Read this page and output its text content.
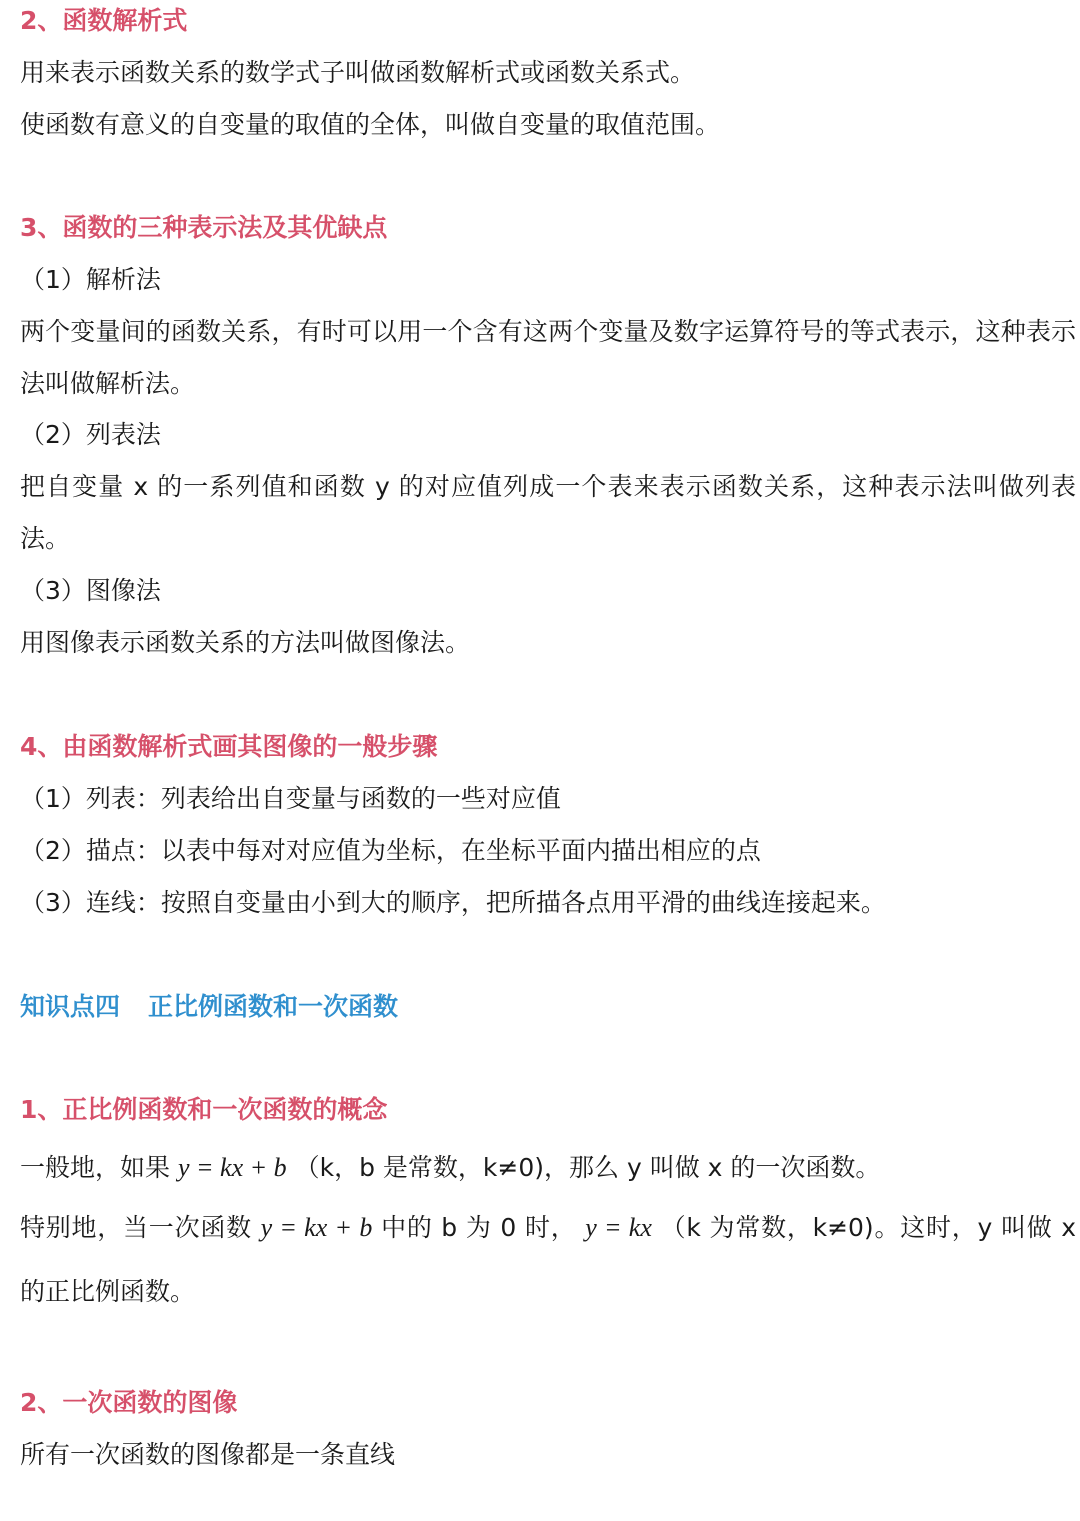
2、函数解析式
用来表示函数关系的数学式子叫做函数解析式或函数关系式。
使函数有意义的自变量的取值的全体，叫做自变量的取值范围。
3、函数的三种表示法及其优缺点
（1）解析法
两个变量间的函数关系，有时可以用一个含有这两个变量及数字运算符号的等式表示，这种表示法叫做解析法。
（2）列表法
把自变量 x 的一系列值和函数 y 的对应值列成一个表来表示函数关系，这种表示法叫做列表法。
（3）图像法
用图像表示函数关系的方法叫做图像法。
4、由函数解析式画其图像的一般步骤
（1）列表：列表给出自变量与函数的一些对应值
（2）描点：以表中每对对应值为坐标，在坐标平面内描出相应的点
（3）连线：按照自变量由小到大的顺序，把所描各点用平滑的曲线连接起来。
知识点四 正比例函数和一次函数
1、正比例函数和一次函数的概念
一般地，如果 y = kx + b （k，b 是常数，k≠0)，那么 y 叫做 x 的一次函数。
特别地，当一次函数 y = kx + b 中的 b 为 0 时， y = kx （k 为常数，k≠0)。这时，y 叫做 x 的正比例函数。
2、一次函数的图像
所有一次函数的图像都是一条直线
